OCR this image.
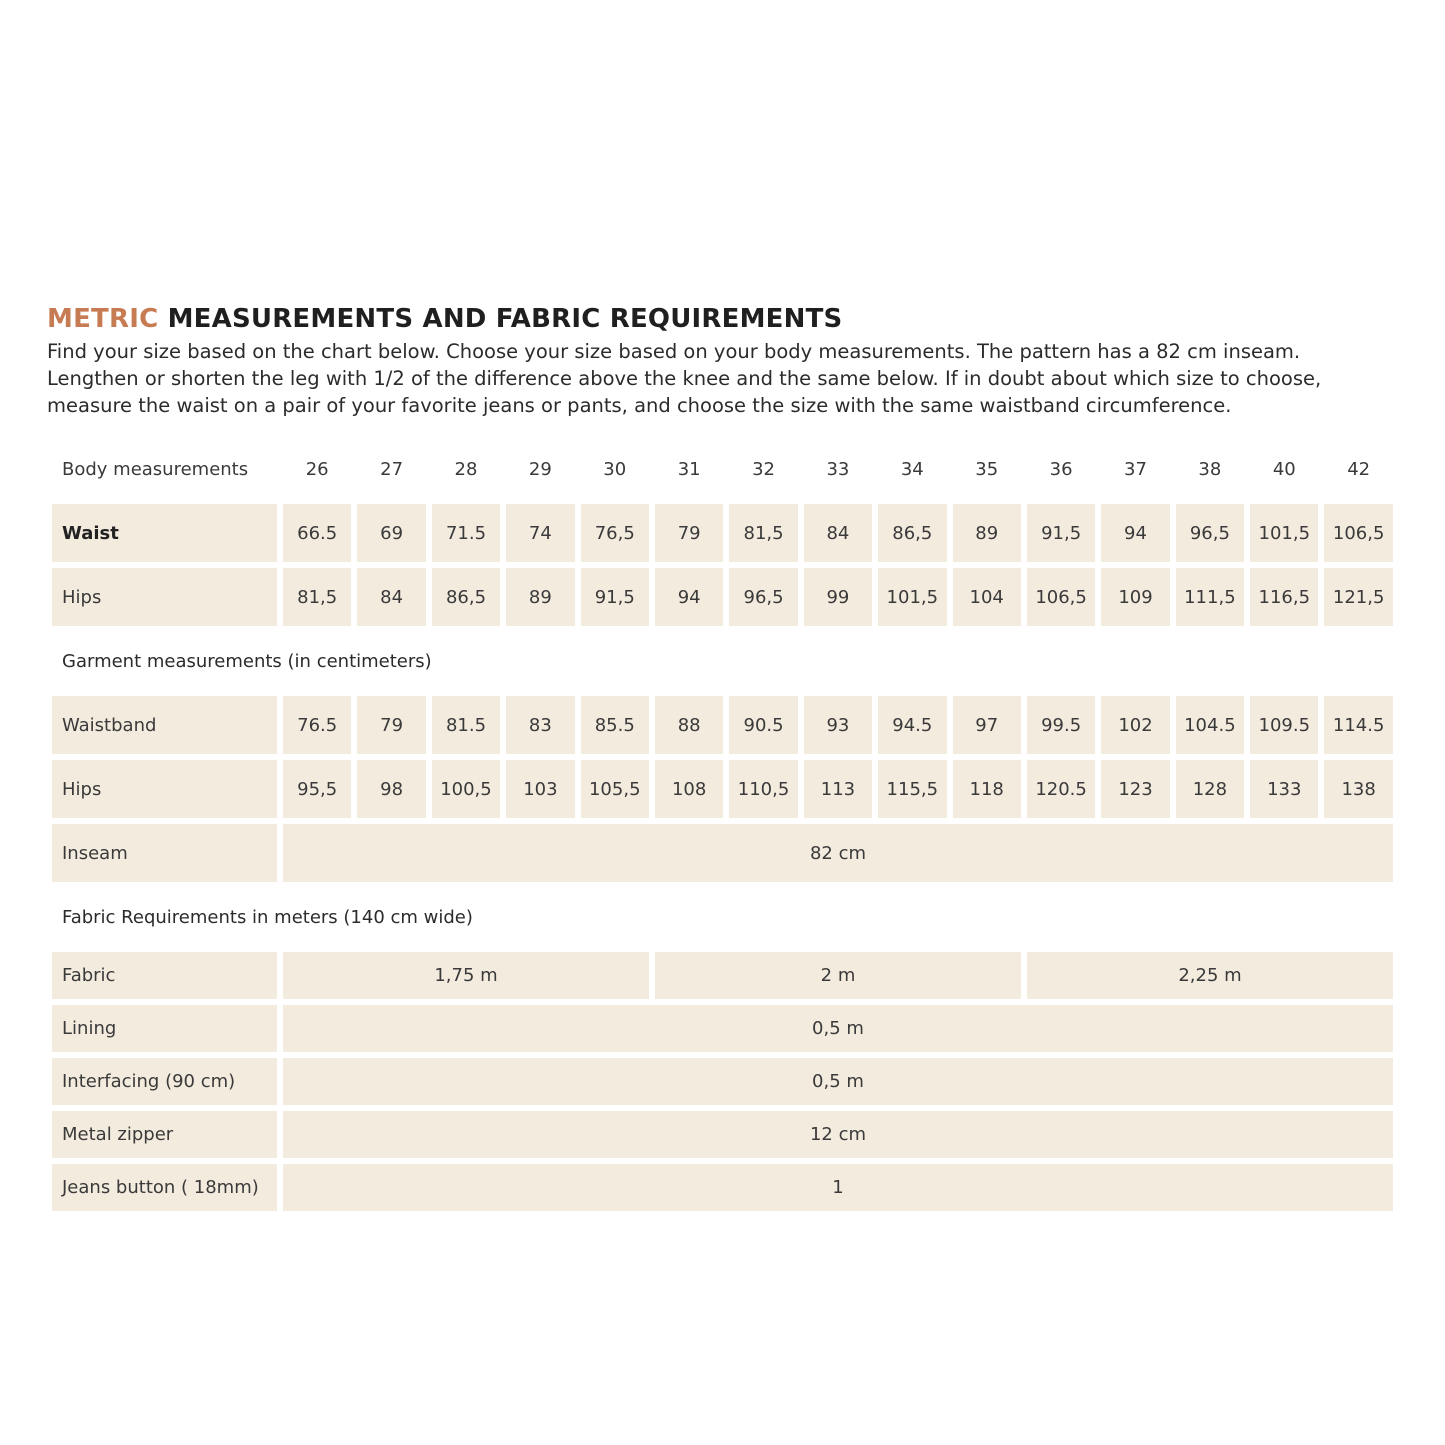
METRIC MEASUREMENTS AND FABRIC REQUIREMENTS

Find your size based on the chart below. Choose your size based on your body measurements. The pattern has a 82 cm inseam.

Lengthen or shorten the leg with 1/2 of the difference above the knee and the same below. If in doubt about which size to choose,

measure the waist on a pair of your favorite jeans or pants, and choose the size with the same waistband circumference.

Body measurements	26	27	28	29	30	31	32	33	34	35	36	37	38	40	42
Waist	66.5	69	71.5	74	76,5	79	81,5	84	86,5	89	91,5	94	96,5	101,5	106,5
Hips	81,5	84	86,5	89	91,5	94	96,5	99	101,5	104	106,5	109	111,5	116,5	121,5
Garment measurements (in centimeters)
Waistband	76.5	79	81.5	83	85.5	88	90.5	93	94.5	97	99.5	102	104.5	109.5	114.5
Hips	95,5	98	100,5	103	105,5	108	110,5	113	115,5	118	120.5	123	128	133	138
Inseam	82 cm
Fabric Requirements in meters (140 cm wide)
Fabric	1,75 m	2 m	2,25 m
Lining	0,5 m
Interfacing (90 cm)	0,5 m
Metal zipper	12 cm
Jeans button ( 18mm)	1
